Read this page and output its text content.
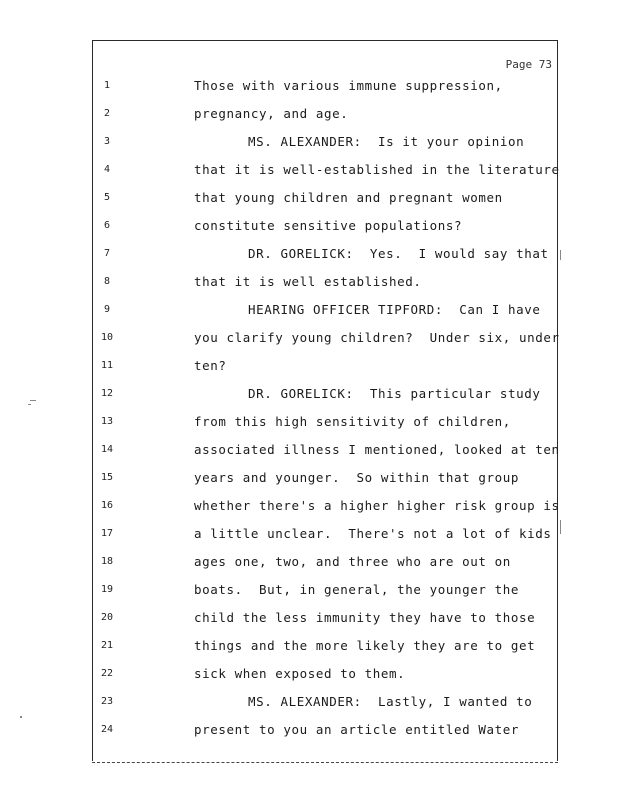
Page 73
1	Those with various immune suppression,
2	pregnancy, and age.
3	MS. ALEXANDER:  Is it your opinion
4	that it is well-established in the literature
5	that young children and pregnant women
6	constitute sensitive populations?
7	DR. GORELICK:  Yes.  I would say that
8	that it is well established.
9	HEARING OFFICER TIPFORD:  Can I have
10	you clarify young children?  Under six, under
11	ten?
12	DR. GORELICK:  This particular study
13	from this high sensitivity of children,
14	associated illness I mentioned, looked at ten
15	years and younger.  So within that group
16	whether there's a higher higher risk group is
17	a little unclear.  There's not a lot of kids
18	ages one, two, and three who are out on
19	boats.  But, in general, the younger the
20	child the less immunity they have to those
21	things and the more likely they are to get
22	sick when exposed to them.
23	MS. ALEXANDER:  Lastly, I wanted to
24	present to you an article entitled Water
